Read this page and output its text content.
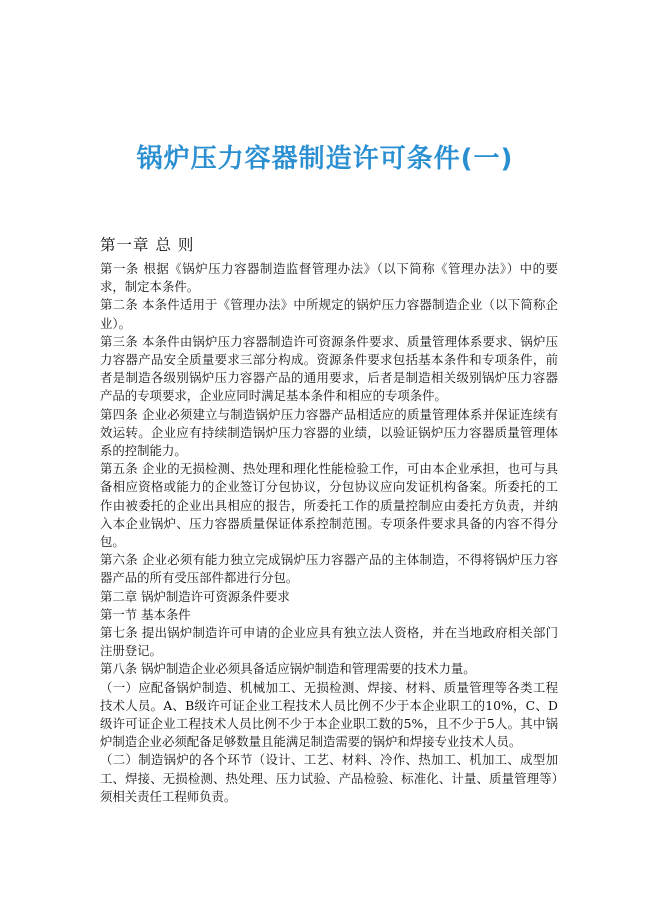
锅炉压力容器制造许可条件(一)
第一章 总 则

第一条 根据《锅炉压力容器制造监督管理办法》（以下简称《管理办法》）中的要求，制定本条件。

第二条 本条件适用于《管理办法》中所规定的锅炉压力容器制造企业（以下简称企业）。

第三条 本条件由锅炉压力容器制造许可资源条件要求、质量管理体系要求、锅炉压力容器产品安全质量要求三部分构成。资源条件要求包括基本条件和专项条件，前者是制造各级别锅炉压力容器产品的通用要求，后者是制造相关级别锅炉压力容器产品的专项要求，企业应同时满足基本条件和相应的专项条件。

第四条 企业必须建立与制造锅炉压力容器产品相适应的质量管理体系并保证连续有效运转。企业应有持续制造锅炉压力容器的业绩，以验证锅炉压力容器质量管理体系的控制能力。

第五条 企业的无损检测、热处理和理化性能检验工作，可由本企业承担，也可与具备相应资格或能力的企业签订分包协议，分包协议应向发证机构备案。所委托的工作由被委托的企业出具相应的报告，所委托工作的质量控制应由委托方负责，并纳入本企业锅炉、压力容器质量保证体系控制范围。专项条件要求具备的内容不得分包。

第六条 企业必须有能力独立完成锅炉压力容器产品的主体制造，不得将锅炉压力容器产品的所有受压部件都进行分包。

第二章 锅炉制造许可资源条件要求

第一节 基本条件

第七条 提出锅炉制造许可申请的企业应具有独立法人资格，并在当地政府相关部门注册登记。

第八条 锅炉制造企业必须具备适应锅炉制造和管理需要的技术力量。

（一）应配备锅炉制造、机械加工、无损检测、焊接、材料、质量管理等各类工程技术人员。A、B级许可证企业工程技术人员比例不少于本企业职工的10%，C、D级许可证企业工程技术人员比例不少于本企业职工数的5%，且不少于5人。其中锅炉制造企业必须配备足够数量且能满足制造需要的锅炉和焊接专业技术人员。

（二）制造锅炉的各个环节（设计、工艺、材料、冷作、热加工、机加工、成型加工、焊接、无损检测、热处理、压力试验、产品检验、标准化、计量、质量管理等）须相关责任工程师负责。
